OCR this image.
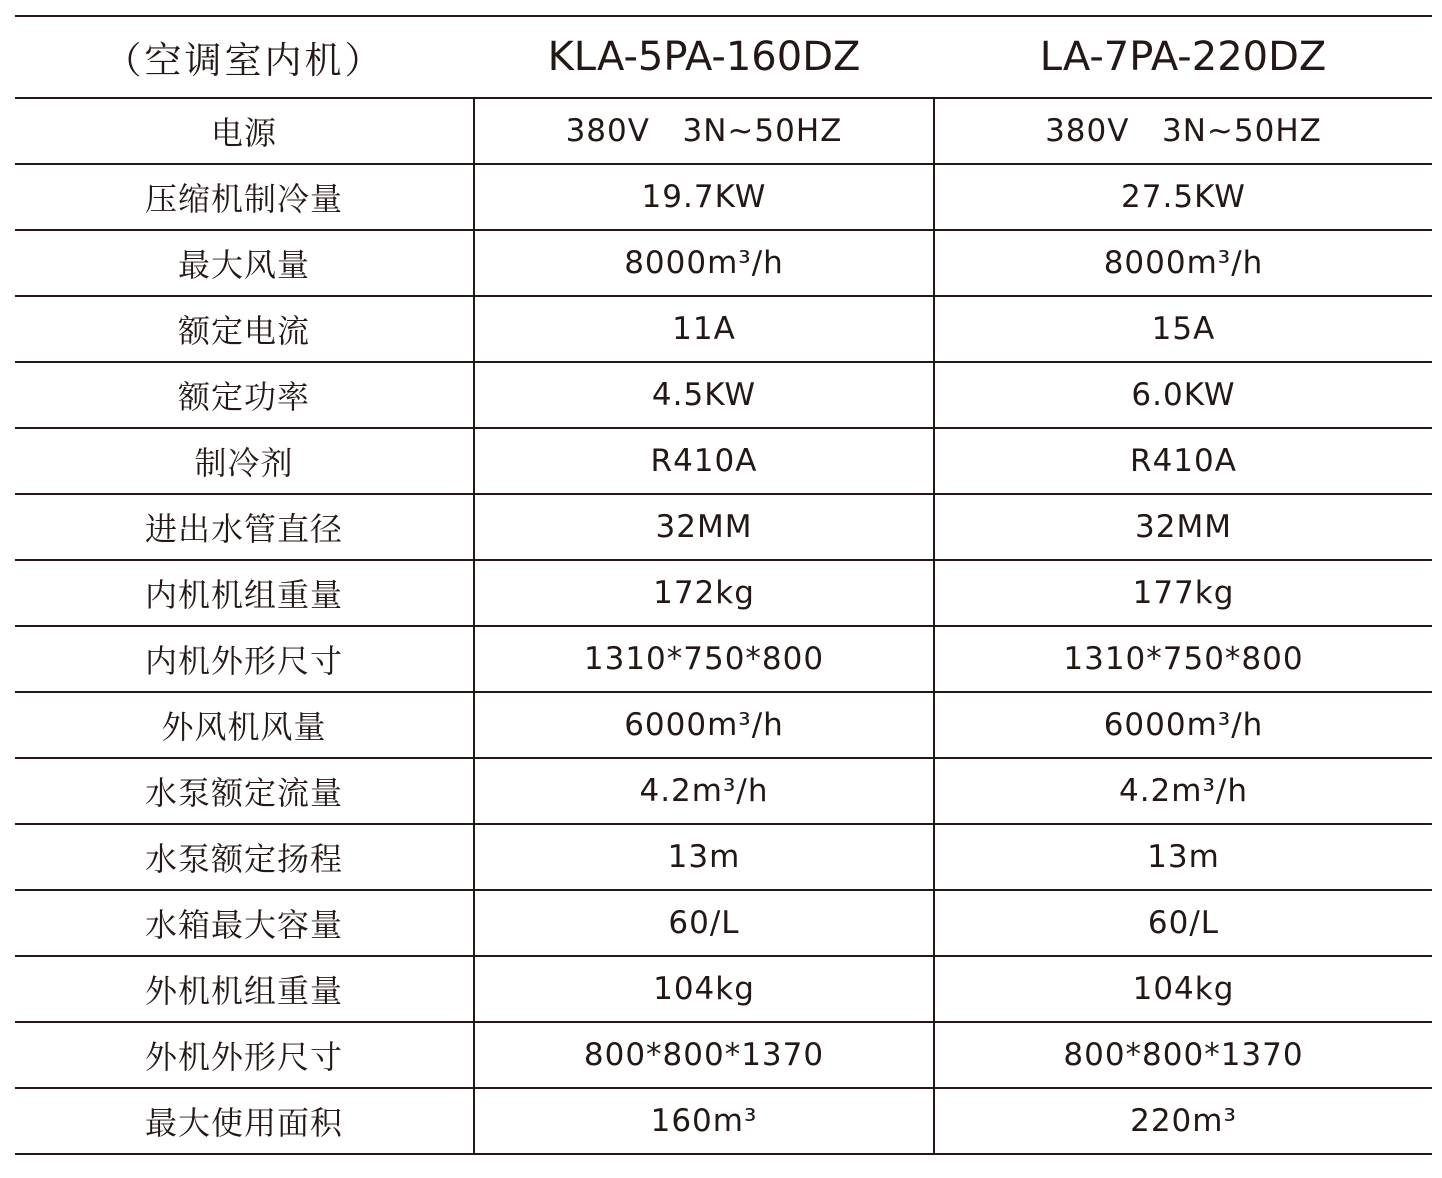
（空调室内机）	KLA-5PA-160DZ	LA-7PA-220DZ
电源	380V   3N~50HZ	380V   3N~50HZ
压缩机制冷量	19.7KW	27.5KW
最大风量	8000m³/h	8000m³/h
额定电流	11A	15A
额定功率	4.5KW	6.0KW
制冷剂	R410A	R410A
进出水管直径	32MM	32MM
内机机组重量	172kg	177kg
内机外形尺寸	1310*750*800	1310*750*800
外风机风量	6000m³/h	6000m³/h
水泵额定流量	4.2m³/h	4.2m³/h
水泵额定扬程	13m	13m
水箱最大容量	60/L	60/L
外机机组重量	104kg	104kg
外机外形尺寸	800*800*1370	800*800*1370
最大使用面积	160m³	220m³
